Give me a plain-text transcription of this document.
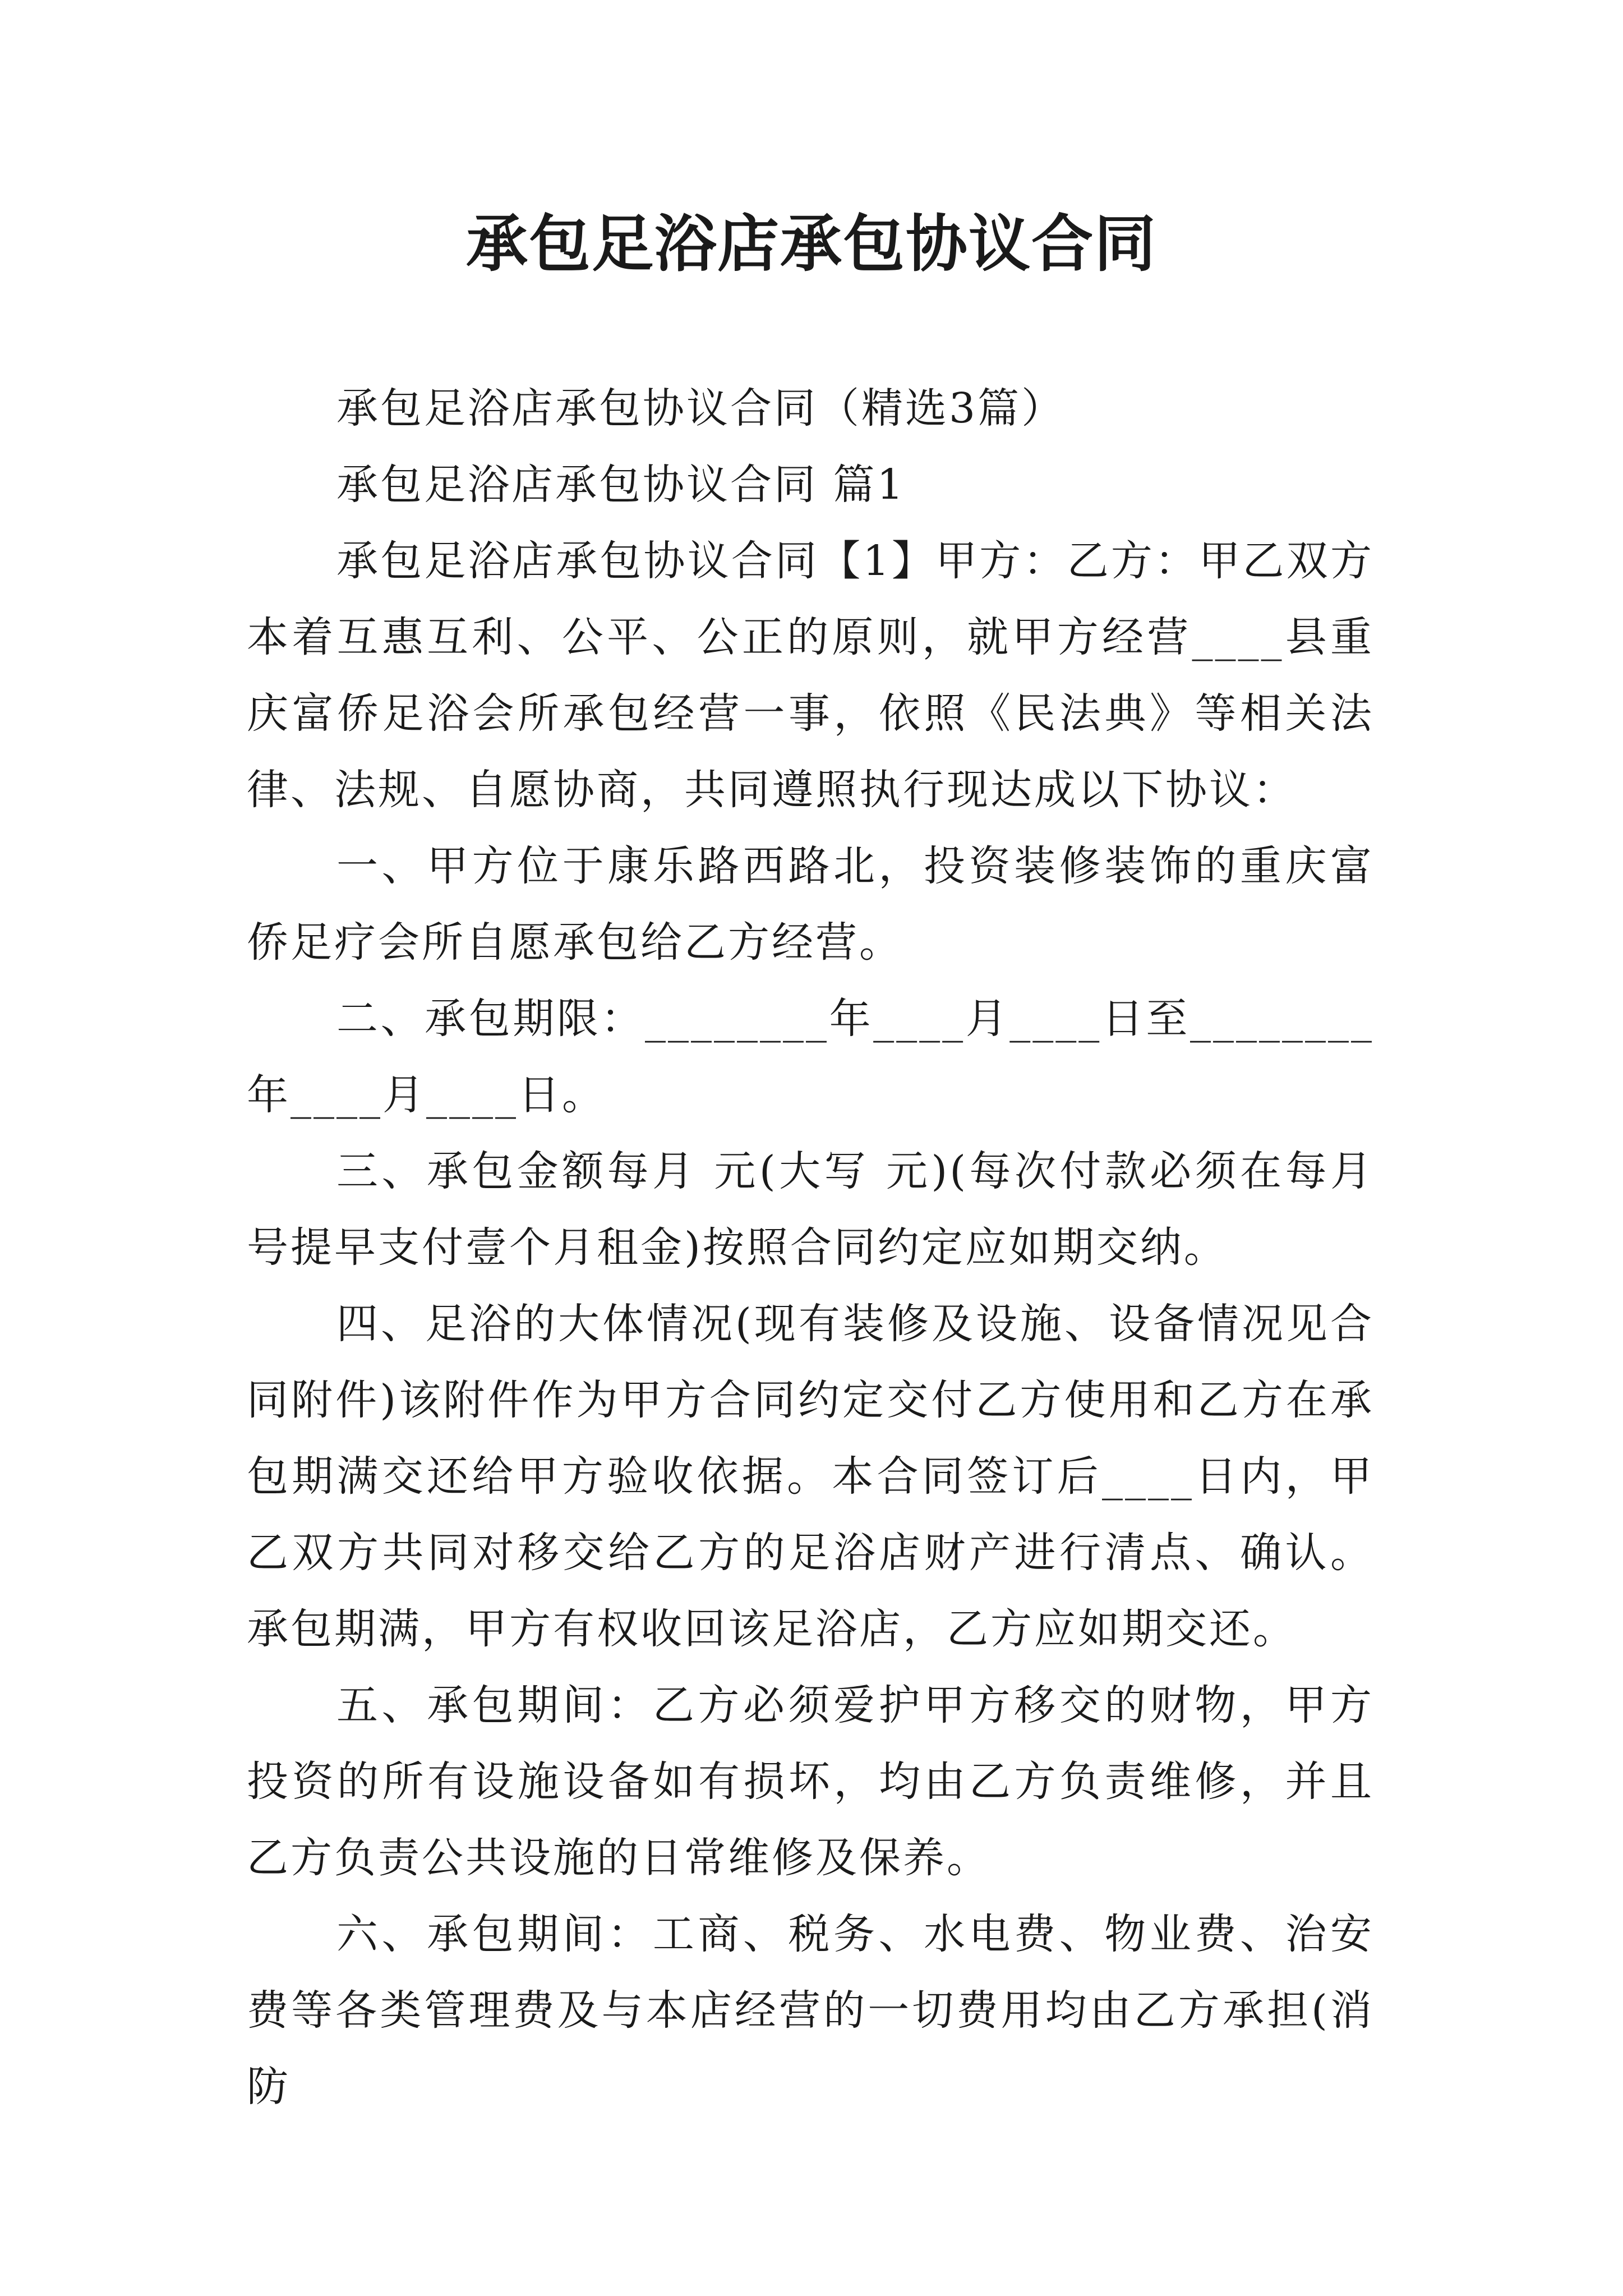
承包足浴店承包协议合同

承包足浴店承包协议合同（精选3篇）

承包足浴店承包协议合同 篇1

承包足浴店承包协议合同【1】甲方：乙方：甲乙双方本着互惠互利、公平、公正的原则，就甲方经营____县重庆富侨足浴会所承包经营一事，依照《民法典》等相关法律、法规、自愿协商，共同遵照执行现达成以下协议：

一、甲方位于康乐路西路北，投资装修装饰的重庆富侨足疗会所自愿承包给乙方经营。

二、承包期限：________年____月____日至________年____月____日。

三、承包金额每月 元(大写 元)(每次付款必须在每月 号提早支付壹个月租金)按照合同约定应如期交纳。

四、足浴的大体情况(现有装修及设施、设备情况见合同附件)该附件作为甲方合同约定交付乙方使用和乙方在承包期满交还给甲方验收依据。本合同签订后____日内，甲乙双方共同对移交给乙方的足浴店财产进行清点、确认。承包期满，甲方有权收回该足浴店，乙方应如期交还。

五、承包期间：乙方必须爱护甲方移交的财物，甲方投资的所有设施设备如有损坏，均由乙方负责维修，并且乙方负责公共设施的日常维修及保养。

六、承包期间：工商、税务、水电费、物业费、治安费等各类管理费及与本店经营的一切费用均由乙方承担(消防
